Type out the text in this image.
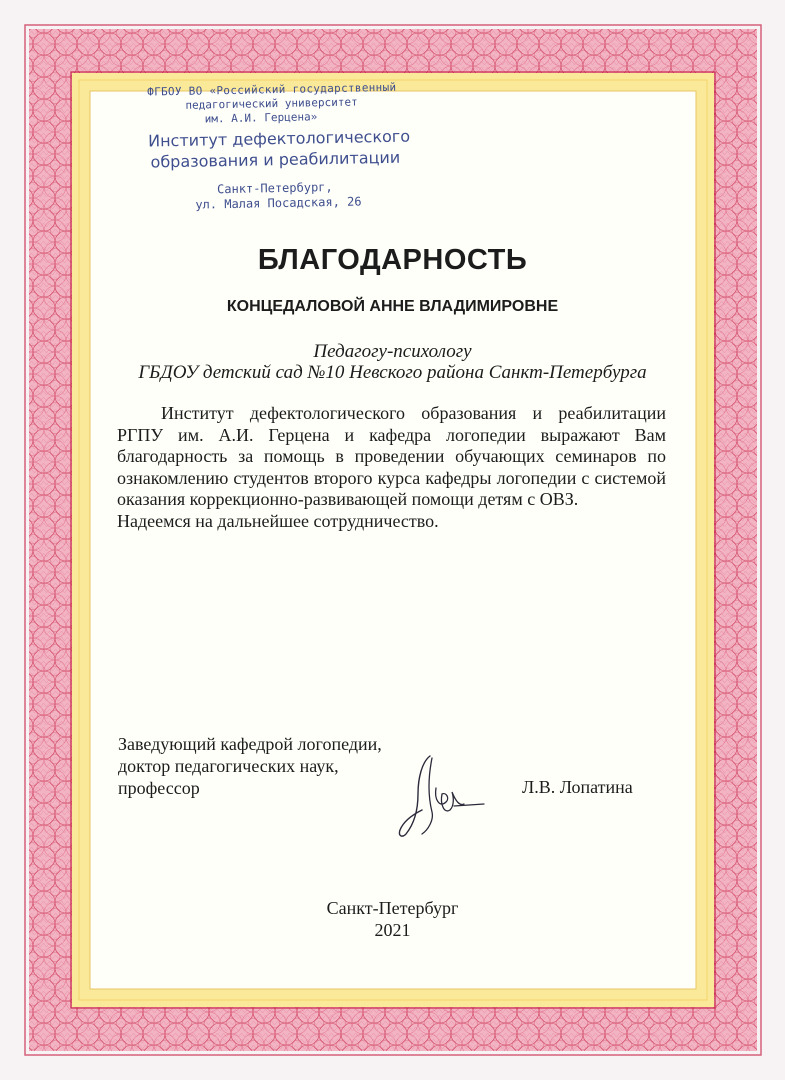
ФГБОУ ВО «Российский государственный
педагогический университет
им. А.И. Герцена»
Институт дефектологического
образования и реабилитации
Санкт-Петербург,
ул. Малая Посадская, 26
БЛАГОДАРНОСТЬ
КОНЦЕДАЛОВОЙ АННЕ ВЛАДИМИРОВНЕ
Педагогу-психологу
ГБДОУ детский сад №10 Невского района Санкт-Петербурга
Институт дефектологического образования и реабилитации РГПУ им. А.И. Герцена и кафедра логопедии выражают Вам благодарность за помощь в проведении обучающих семинаров по ознакомлению студентов второго курса кафедры логопедии с системой оказания коррекционно-развивающей помощи детям с ОВЗ.
Надеемся на дальнейшее сотрудничество.
Заведующий кафедрой логопедии,
доктор педагогических наук,
профессор	Л.В. Лопатина
Санкт-Петербург
2021
